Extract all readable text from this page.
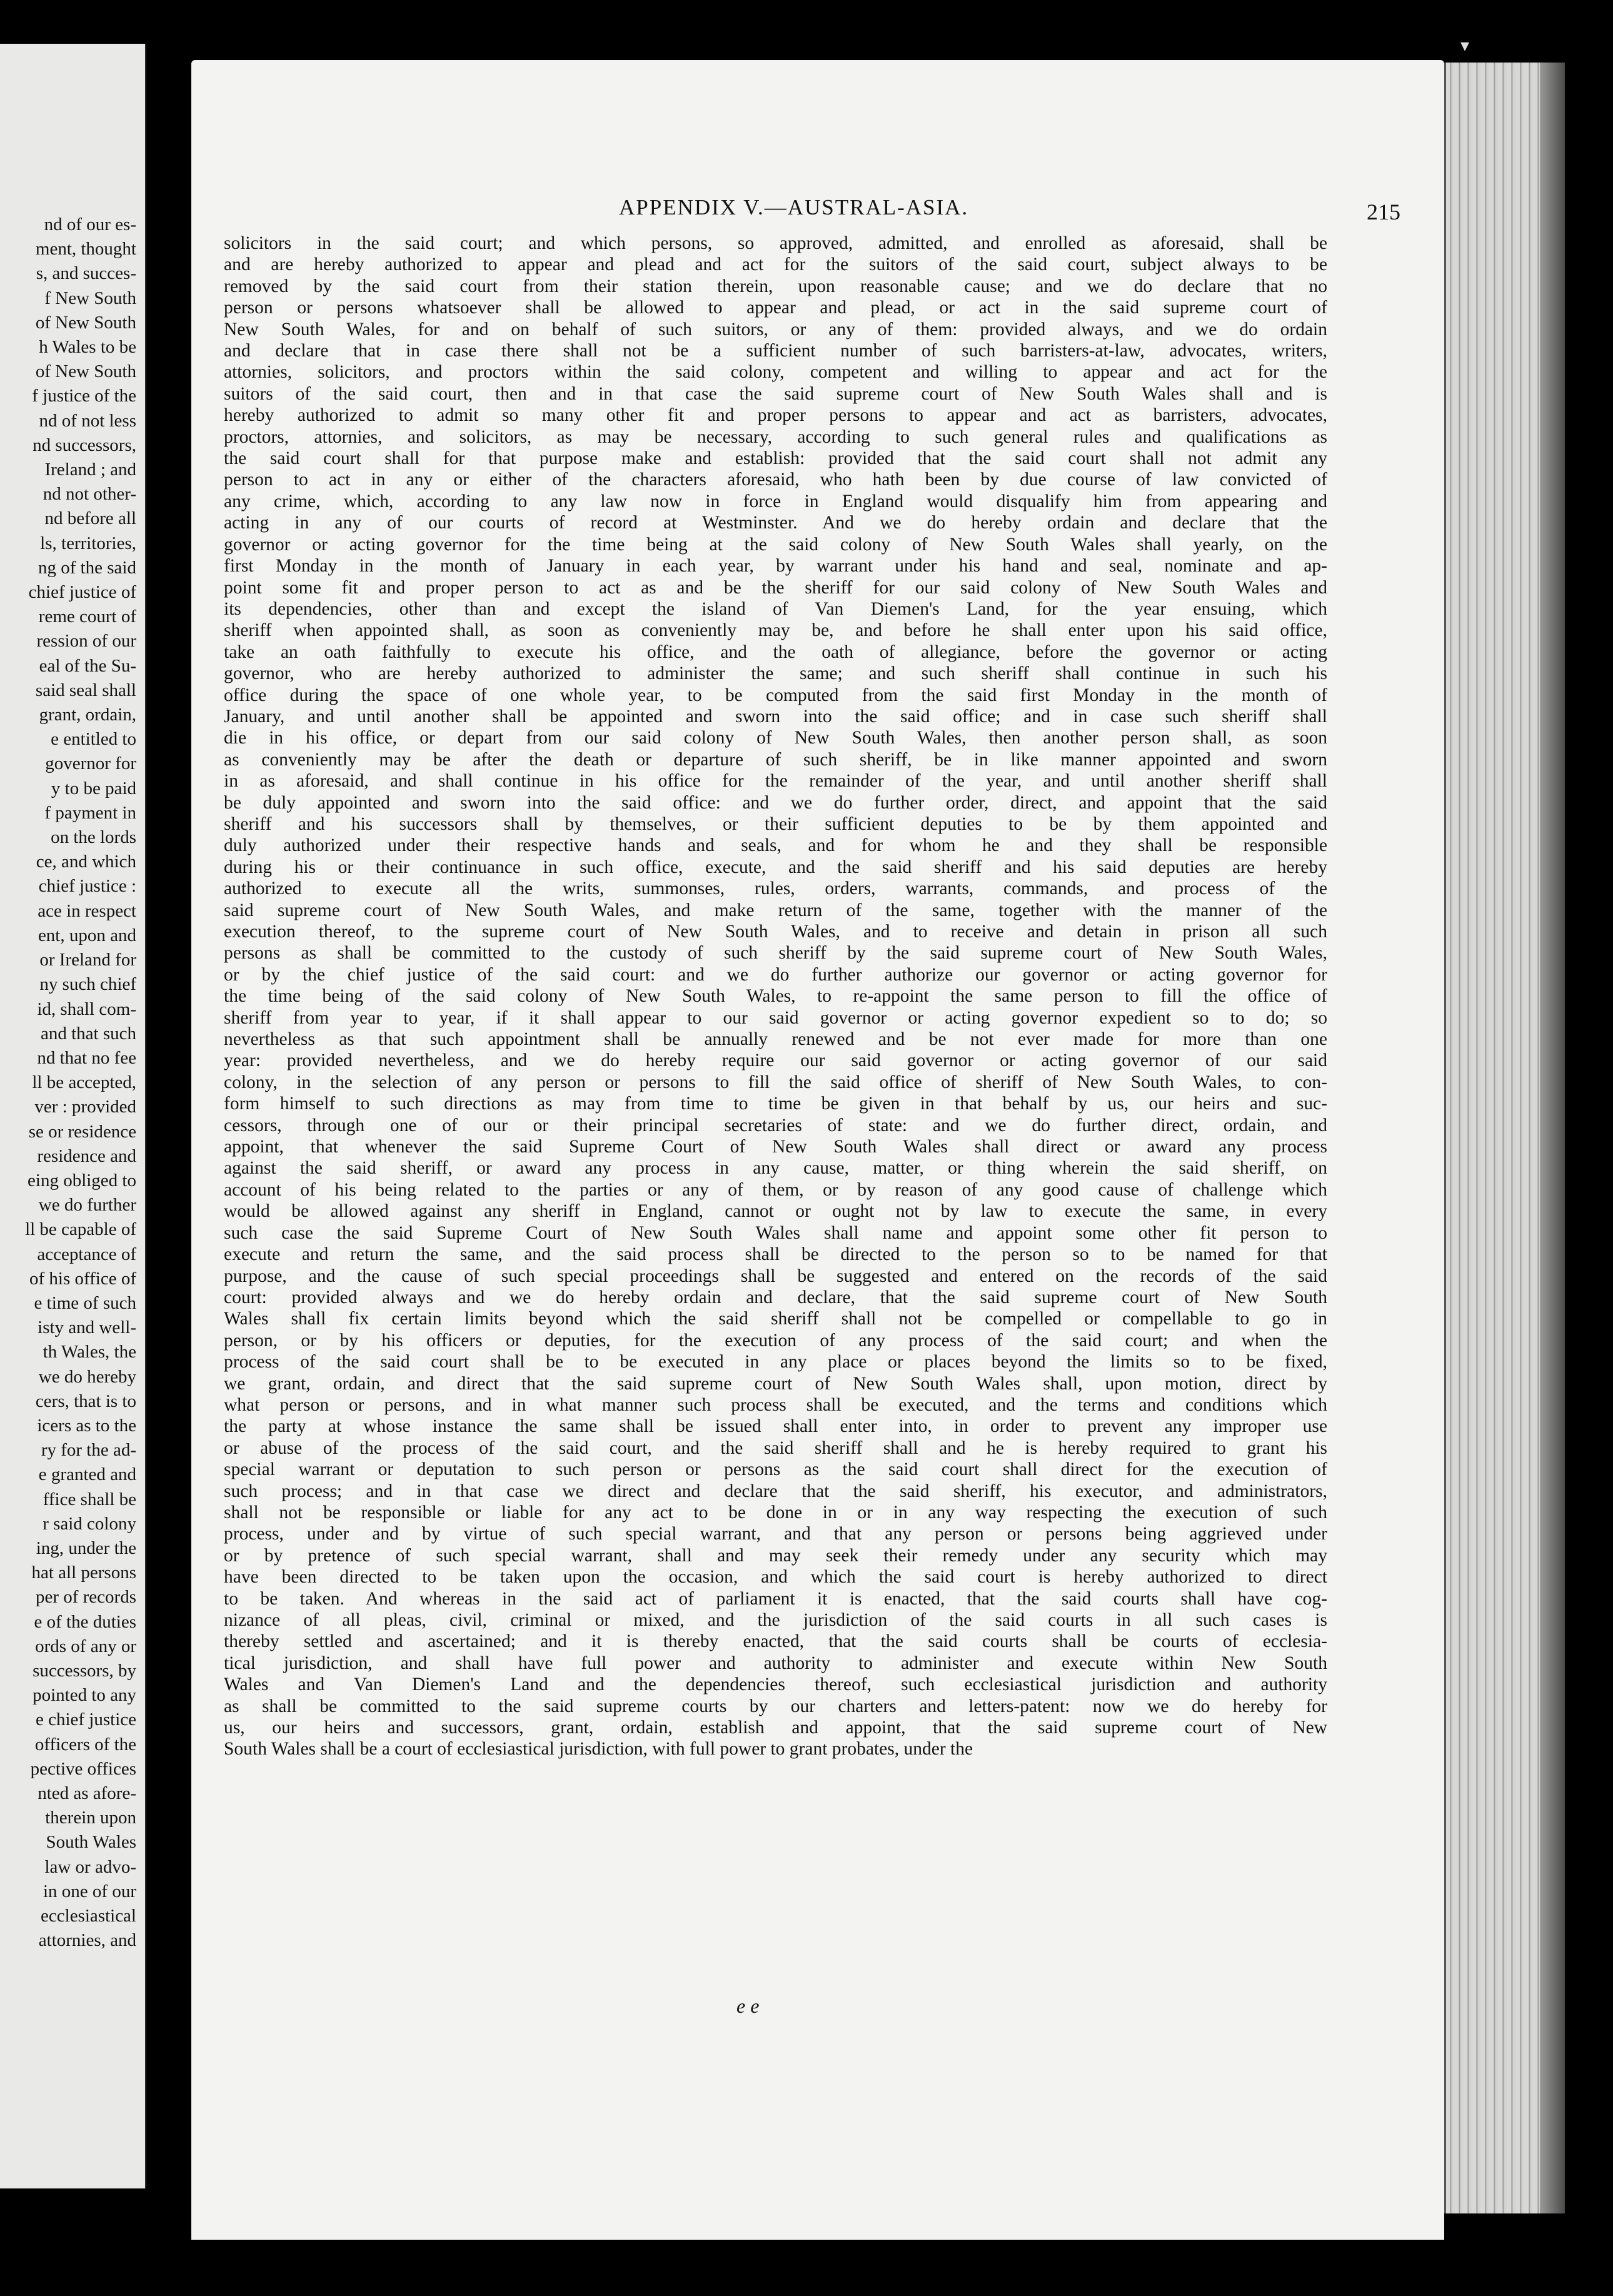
nd of our es-
ment, thought
s, and succes-
f New South
of New South
h Wales to be
of New South
f justice of the
nd of not less
nd successors,
Ireland ; and
nd not other-
nd before all
ls, territories,
ng of the said
chief justice of
reme court of
ression of our
eal of the Su-
said seal shall
grant, ordain,
e entitled to
governor for
y to be paid
f payment in
on the lords
ce, and which
chief justice :
ace in respect
ent, upon and
or Ireland for
ny such chief
id, shall com-
and that such
nd that no fee
ll be accepted,
ver : provided
se or residence
residence and
eing obliged to
we do further
ll be capable of
acceptance of
of his office of
e time of such
isty and well-
th Wales, the
we do hereby
cers, that is to
icers as to the
ry for the ad-
e granted and
ffice shall be
r said colony
ing, under the
hat all persons
per of records
e of the duties
ords of any or
successors, by
pointed to any
e chief justice
officers of the
pective offices
nted as afore-
therein upon
South Wales
law or advo-
in one of our
ecclesiastical
attornies, and
▾
APPENDIX V.—AUSTRAL-ASIA.	215
solicitors in the said court; and which persons, so approved, admitted, and enrolled as aforesaid, shall be
and are hereby authorized to appear and plead and act for the suitors of the said court, subject always to be
removed by the said court from their station therein, upon reasonable cause; and we do declare that no
person or persons whatsoever shall be allowed to appear and plead, or act in the said supreme court of
New South Wales, for and on behalf of such suitors, or any of them: provided always, and we do ordain
and declare that in case there shall not be a sufficient number of such barristers-at-law, advocates, writers,
attornies, solicitors, and proctors within the said colony, competent and willing to appear and act for the
suitors of the said court, then and in that case the said supreme court of New South Wales shall and is
hereby authorized to admit so many other fit and proper persons to appear and act as barristers, advocates,
proctors, attornies, and solicitors, as may be necessary, according to such general rules and qualifications as
the said court shall for that purpose make and establish: provided that the said court shall not admit any
person to act in any or either of the characters aforesaid, who hath been by due course of law convicted of
any crime, which, according to any law now in force in England would disqualify him from appearing and
acting in any of our courts of record at Westminster. And we do hereby ordain and declare that the
governor or acting governor for the time being at the said colony of New South Wales shall yearly, on the
first Monday in the month of January in each year, by warrant under his hand and seal, nominate and ap-
point some fit and proper person to act as and be the sheriff for our said colony of New South Wales and
its dependencies, other than and except the island of Van Diemen's Land, for the year ensuing, which
sheriff when appointed shall, as soon as conveniently may be, and before he shall enter upon his said office,
take an oath faithfully to execute his office, and the oath of allegiance, before the governor or acting
governor, who are hereby authorized to administer the same; and such sheriff shall continue in such his
office during the space of one whole year, to be computed from the said first Monday in the month of
January, and until another shall be appointed and sworn into the said office; and in case such sheriff shall
die in his office, or depart from our said colony of New South Wales, then another person shall, as soon
as conveniently may be after the death or departure of such sheriff, be in like manner appointed and sworn
in as aforesaid, and shall continue in his office for the remainder of the year, and until another sheriff shall
be duly appointed and sworn into the said office: and we do further order, direct, and appoint that the said
sheriff and his successors shall by themselves, or their sufficient deputies to be by them appointed and
duly authorized under their respective hands and seals, and for whom he and they shall be responsible
during his or their continuance in such office, execute, and the said sheriff and his said deputies are hereby
authorized to execute all the writs, summonses, rules, orders, warrants, commands, and process of the
said supreme court of New South Wales, and make return of the same, together with the manner of the
execution thereof, to the supreme court of New South Wales, and to receive and detain in prison all such
persons as shall be committed to the custody of such sheriff by the said supreme court of New South Wales,
or by the chief justice of the said court: and we do further authorize our governor or acting governor for
the time being of the said colony of New South Wales, to re-appoint the same person to fill the office of
sheriff from year to year, if it shall appear to our said governor or acting governor expedient so to do; so
nevertheless as that such appointment shall be annually renewed and be not ever made for more than one
year: provided nevertheless, and we do hereby require our said governor or acting governor of our said
colony, in the selection of any person or persons to fill the said office of sheriff of New South Wales, to con-
form himself to such directions as may from time to time be given in that behalf by us, our heirs and suc-
cessors, through one of our or their principal secretaries of state: and we do further direct, ordain, and
appoint, that whenever the said Supreme Court of New South Wales shall direct or award any process
against the said sheriff, or award any process in any cause, matter, or thing wherein the said sheriff, on
account of his being related to the parties or any of them, or by reason of any good cause of challenge which
would be allowed against any sheriff in England, cannot or ought not by law to execute the same, in every
such case the said Supreme Court of New South Wales shall name and appoint some other fit person to
execute and return the same, and the said process shall be directed to the person so to be named for that
purpose, and the cause of such special proceedings shall be suggested and entered on the records of the said
court: provided always and we do hereby ordain and declare, that the said supreme court of New South
Wales shall fix certain limits beyond which the said sheriff shall not be compelled or compellable to go in
person, or by his officers or deputies, for the execution of any process of the said court; and when the
process of the said court shall be to be executed in any place or places beyond the limits so to be fixed,
we grant, ordain, and direct that the said supreme court of New South Wales shall, upon motion, direct by
what person or persons, and in what manner such process shall be executed, and the terms and conditions which
the party at whose instance the same shall be issued shall enter into, in order to prevent any improper use
or abuse of the process of the said court, and the said sheriff shall and he is hereby required to grant his
special warrant or deputation to such person or persons as the said court shall direct for the execution of
such process; and in that case we direct and declare that the said sheriff, his executor, and administrators,
shall not be responsible or liable for any act to be done in or in any way respecting the execution of such
process, under and by virtue of such special warrant, and that any person or persons being aggrieved under
or by pretence of such special warrant, shall and may seek their remedy under any security which may
have been directed to be taken upon the occasion, and which the said court is hereby authorized to direct
to be taken. And whereas in the said act of parliament it is enacted, that the said courts shall have cog-
nizance of all pleas, civil, criminal or mixed, and the jurisdiction of the said courts in all such cases is
thereby settled and ascertained; and it is thereby enacted, that the said courts shall be courts of ecclesia-
tical jurisdiction, and shall have full power and authority to administer and execute within New South
Wales and Van Diemen's Land and the dependencies thereof, such ecclesiastical jurisdiction and authority
as shall be committed to the said supreme courts by our charters and letters-patent: now we do hereby for
us, our heirs and successors, grant, ordain, establish and appoint, that the said supreme court of New
South Wales shall be a court of ecclesiastical jurisdiction, with full power to grant probates, under the
e e
